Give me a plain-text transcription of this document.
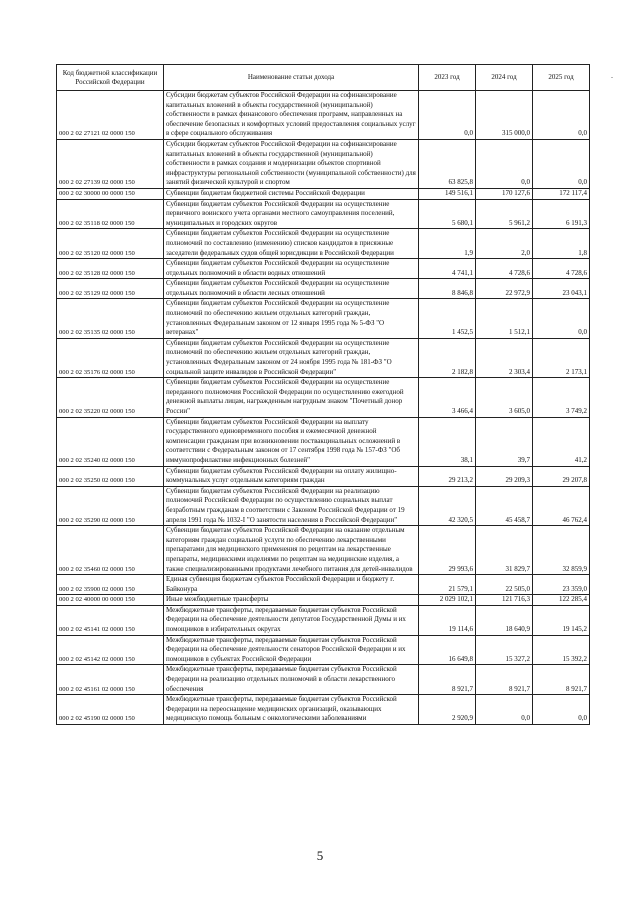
.
Код бюджетной классификации Российской Федерации	Наименование статьи дохода	2023 год	2024 год	2025 год
000 2 02 27121 02 0000 150	Субсидии бюджетам субъектов Российской Федерации на софинансирование капитальных вложений в объекты государственной (муниципальной) собственности в рамках финансового обеспечения программ, направленных на обеспечение безопасных и комфортных условий предоставления социальных услуг в сфере социального обслуживания	0,0	315 000,0	0,0
000 2 02 27139 02 0000 150	Субсидии бюджетам субъектов Российской Федерации на софинансирование капитальных вложений в объекты государственной (муниципальной) собственности в рамках создания и модернизации объектов спортивной инфраструктуры региональной собственности (муниципальной собственности) для занятий физической культурой и спортом	63 825,8	0,0	0,0
000 2 02 30000 00 0000 150	Субвенции бюджетам бюджетной системы Российской Федерации	149 516,1	170 127,6	172 117,4
000 2 02 35118 02 0000 150	Субвенции бюджетам субъектов Российской Федерации на осуществление первичного воинского учета органами местного самоуправления поселений, муниципальных и городских округов	5 680,1	5 961,2	6 191,3
000 2 02 35120 02 0000 150	Субвенции бюджетам субъектов Российской Федерации на осуществление полномочий по составлению (изменению) списков кандидатов в присяжные заседатели федеральных судов общей юрисдикции в Российской Федерации	1,9	2,0	1,8
000 2 02 35128 02 0000 150	Субвенции бюджетам субъектов Российской Федерации на осуществление отдельных полномочий в области водных отношений	4 741,1	4 728,6	4 728,6
000 2 02 35129 02 0000 150	Субвенции бюджетам субъектов Российской Федерации на осуществление отдельных полномочий в области лесных отношений	8 846,8	22 972,9	23 043,1
000 2 02 35135 02 0000 150	Субвенции бюджетам субъектов Российской Федерации на осуществление полномочий по обеспечению жильем отдельных категорий граждан, установленных Федеральным законом от 12 января 1995 года № 5-ФЗ "О ветеранах"	1 452,5	1 512,1	0,0
000 2 02 35176 02 0000 150	Субвенции бюджетам субъектов Российской Федерации на осуществление полномочий по обеспечению жильем отдельных категорий граждан, установленных Федеральным законом от 24 ноября 1995 года № 181-ФЗ "О социальной защите инвалидов в Российской Федерации"	2 182,8	2 303,4	2 173,1
000 2 02 35220 02 0000 150	Субвенции бюджетам субъектов Российской Федерации на осуществление переданного полномочия Российской Федерации по осуществлению ежегодной денежной выплаты лицам, награжденным нагрудным знаком "Почетный донор России"	3 466,4	3 605,0	3 749,2
000 2 02 35240 02 0000 150	Субвенции бюджетам субъектов Российской Федерации на выплату государственного единовременного пособия и ежемесячной денежной компенсации гражданам при возникновении поствакцинальных осложнений в соответствии с Федеральным законом от 17 сентября 1998 года № 157-ФЗ "Об иммунопрофилактике инфекционных болезней"	38,1	39,7	41,2
000 2 02 35250 02 0000 150	Субвенции бюджетам субъектов Российской Федерации на оплату жилищно-коммунальных услуг отдельным категориям граждан	29 213,2	29 209,3	29 207,8
000 2 02 35290 02 0000 150	Субвенции бюджетам субъектов Российской Федерации на реализацию полномочий Российской Федерации по осуществлению социальных выплат безработным гражданам в соответствии с Законом Российской Федерации от 19 апреля 1991 года № 1032-I "О занятости населения в Российской Федерации"	42 320,5	45 458,7	46 762,4
000 2 02 35460 02 0000 150	Субвенции бюджетам субъектов Российской Федерации на оказание отдельным категориям граждан социальной услуги по обеспечению лекарственными препаратами для медицинского применения по рецептам на лекарственные препараты, медицинскими изделиями по рецептам на медицинские изделия, а также специализированными продуктами лечебного питания для детей-инвалидов	29 993,6	31 829,7	32 859,9
000 2 02 35900 02 0000 150	Единая субвенция бюджетам субъектов Российской Федерации и бюджету г. Байконура	21 579,1	22 505,0	23 359,0
000 2 02 40000 00 0000 150	Иные межбюджетные трансферты	2 029 102,1	121 716,3	122 285,4
000 2 02 45141 02 0000 150	Межбюджетные трансферты, передаваемые бюджетам субъектов Российской Федерации на обеспечение деятельности депутатов Государственной Думы и их помощников в избирательных округах	19 114,6	18 640,9	19 145,2
000 2 02 45142 02 0000 150	Межбюджетные трансферты, передаваемые бюджетам субъектов Российской Федерации на обеспечение деятельности сенаторов Российской Федерации и их помощников в субъектах Российской Федерации	16 649,8	15 327,2	15 392,2
000 2 02 45161 02 0000 150	Межбюджетные трансферты, передаваемые бюджетам субъектов Российской Федерации на реализацию отдельных полномочий в области лекарственного обеспечения	8 921,7	8 921,7	8 921,7
000 2 02 45190 02 0000 150	Межбюджетные трансферты, передаваемые бюджетам субъектов Российской Федерации на переоснащение медицинских организаций, оказывающих медицинскую помощь больным с онкологическими заболеваниями	2 920,9	0,0	0,0
5
